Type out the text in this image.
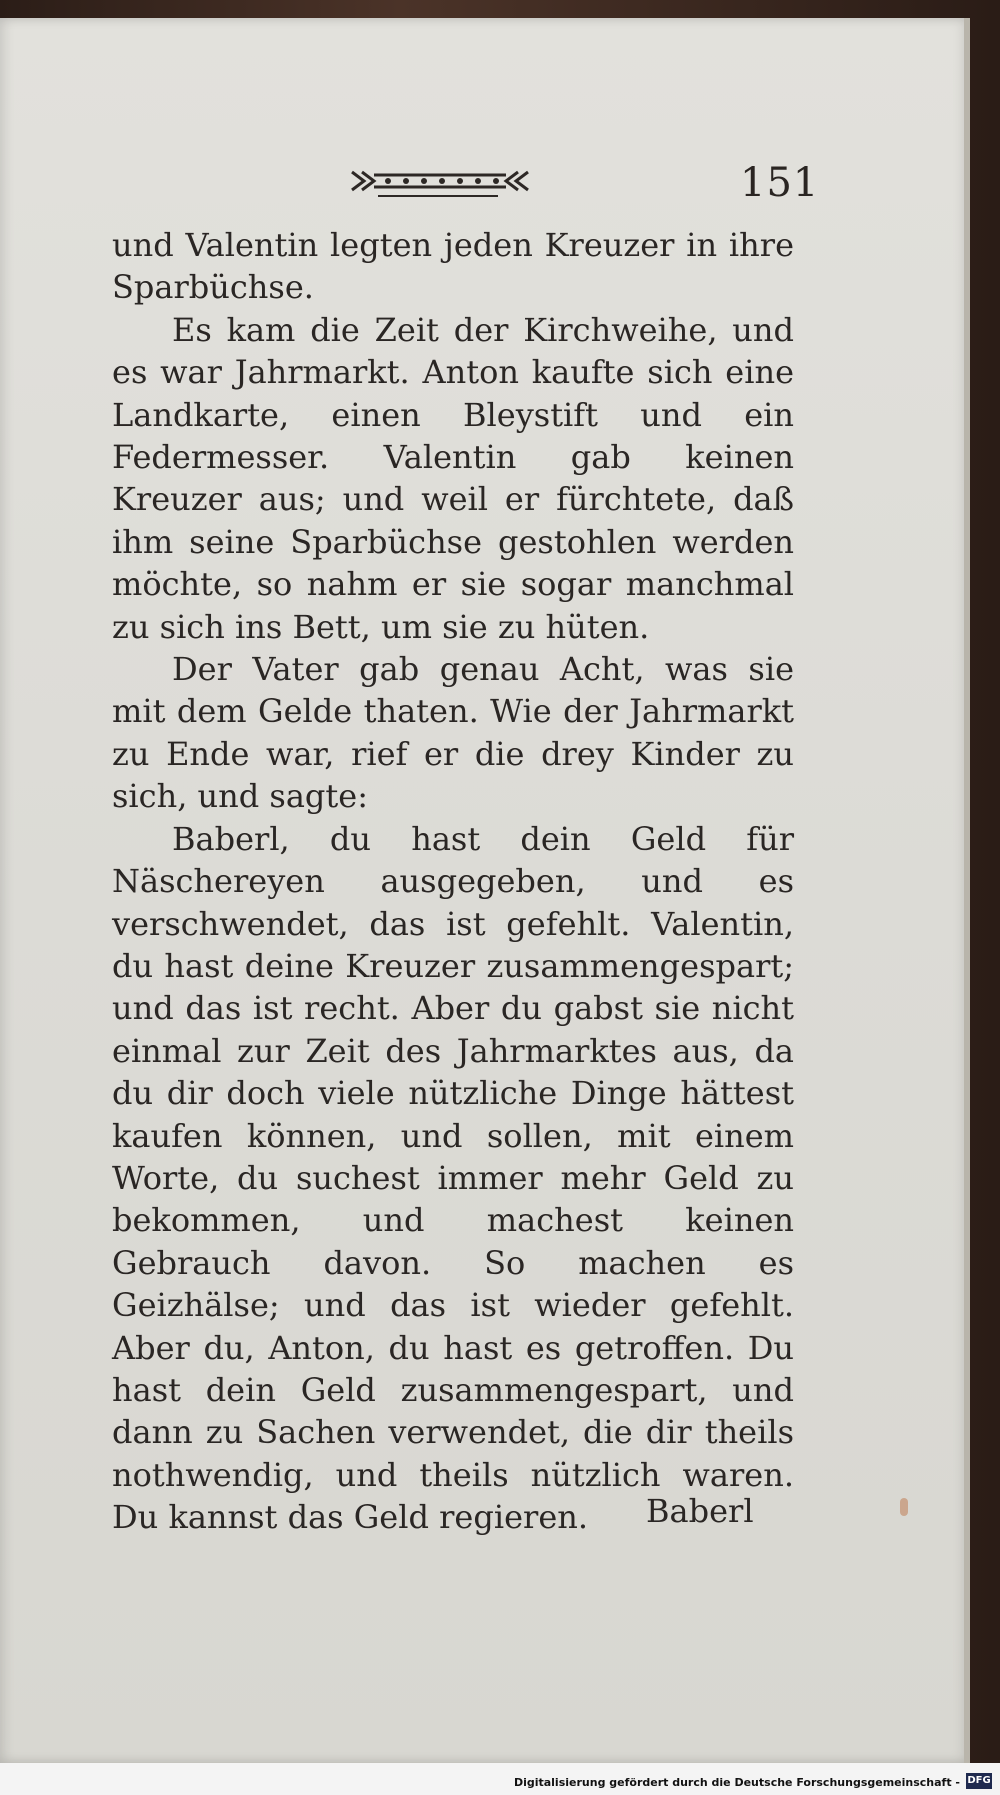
151

und Valentin legten jeden Kreuzer in ihre Sparbüchse.

Es kam die Zeit der Kirchweihe, und es war Jahrmarkt. Anton kaufte sich eine Landkarte, einen Bleystift und ein Federmesser. Valentin gab keinen Kreuzer aus; und weil er fürchtete, daß ihm seine Sparbüchse gestohlen werden möchte, so nahm er sie sogar manchmal zu sich ins Bett, um sie zu hüten.

Der Vater gab genau Acht, was sie mit dem Gelde thaten. Wie der Jahrmarkt zu Ende war, rief er die drey Kinder zu sich, und sagte:

Baberl, du hast dein Geld für Näschereyen ausgegeben, und es verschwendet, das ist gefehlt. Valentin, du hast deine Kreuzer zusammengespart; und das ist recht. Aber du gabst sie nicht einmal zur Zeit des Jahrmarktes aus, da du dir doch viele nützliche Dinge hättest kaufen können, und sollen, mit einem Worte, du suchest immer mehr Geld zu bekommen, und machest keinen Gebrauch davon. So machen es Geizhälse; und das ist wieder gefehlt. Aber du, Anton, du hast es getroffen. Du hast dein Geld zusammengespart, und dann zu Sachen verwendet, die dir theils nothwendig, und theils nützlich waren. Du kannst das Geld regieren.	Baberl
Digitalisierung gefördert durch die Deutsche Forschungsgemeinschaft - DFG
